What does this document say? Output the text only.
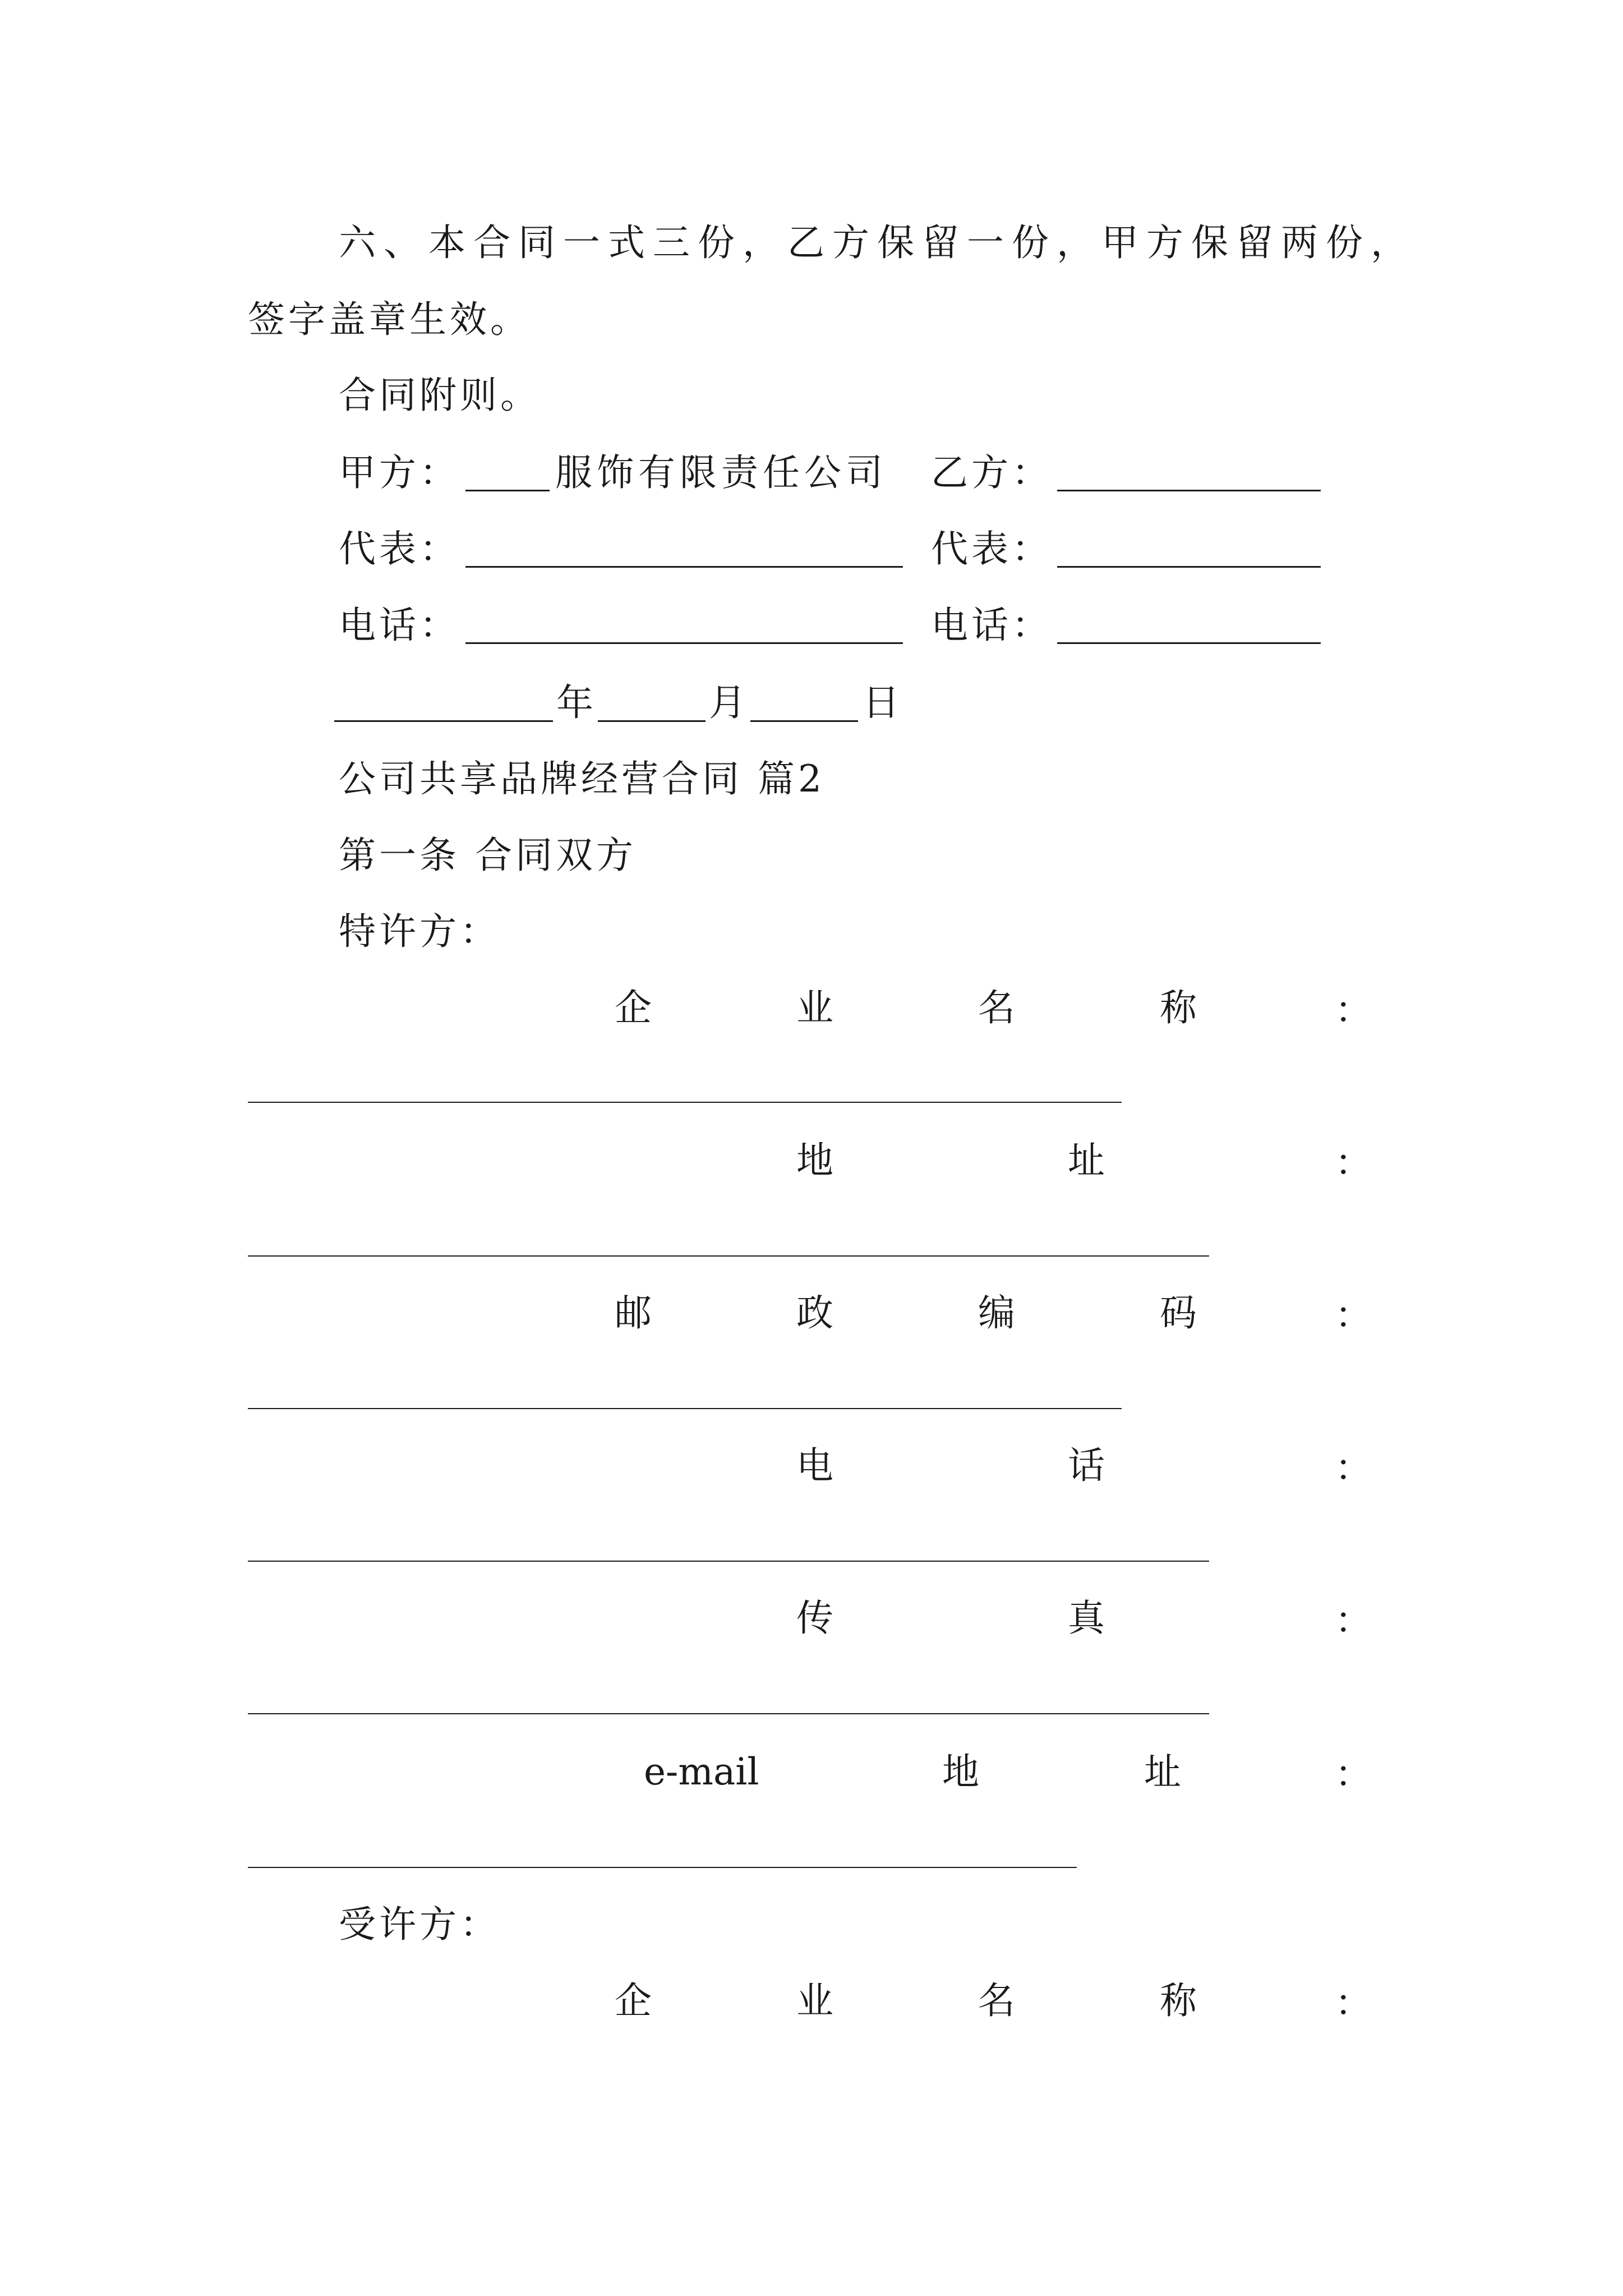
六、本合同一式三份，乙方保留一份，甲方保留两份，
签字盖章生效。
合同附则。
甲方：	服饰有限责任公司 乙方：
代表：	代表：
电话：	电话：
年	月	日
公司共享品牌经营合同 篇2
第一条 合同双方
特许方：
企	业	名	称	：
地	址	：
邮	政	编	码	：
电	话	：
传	真	：
e-mail	地	址	：
受许方：
企	业	名	称	：
